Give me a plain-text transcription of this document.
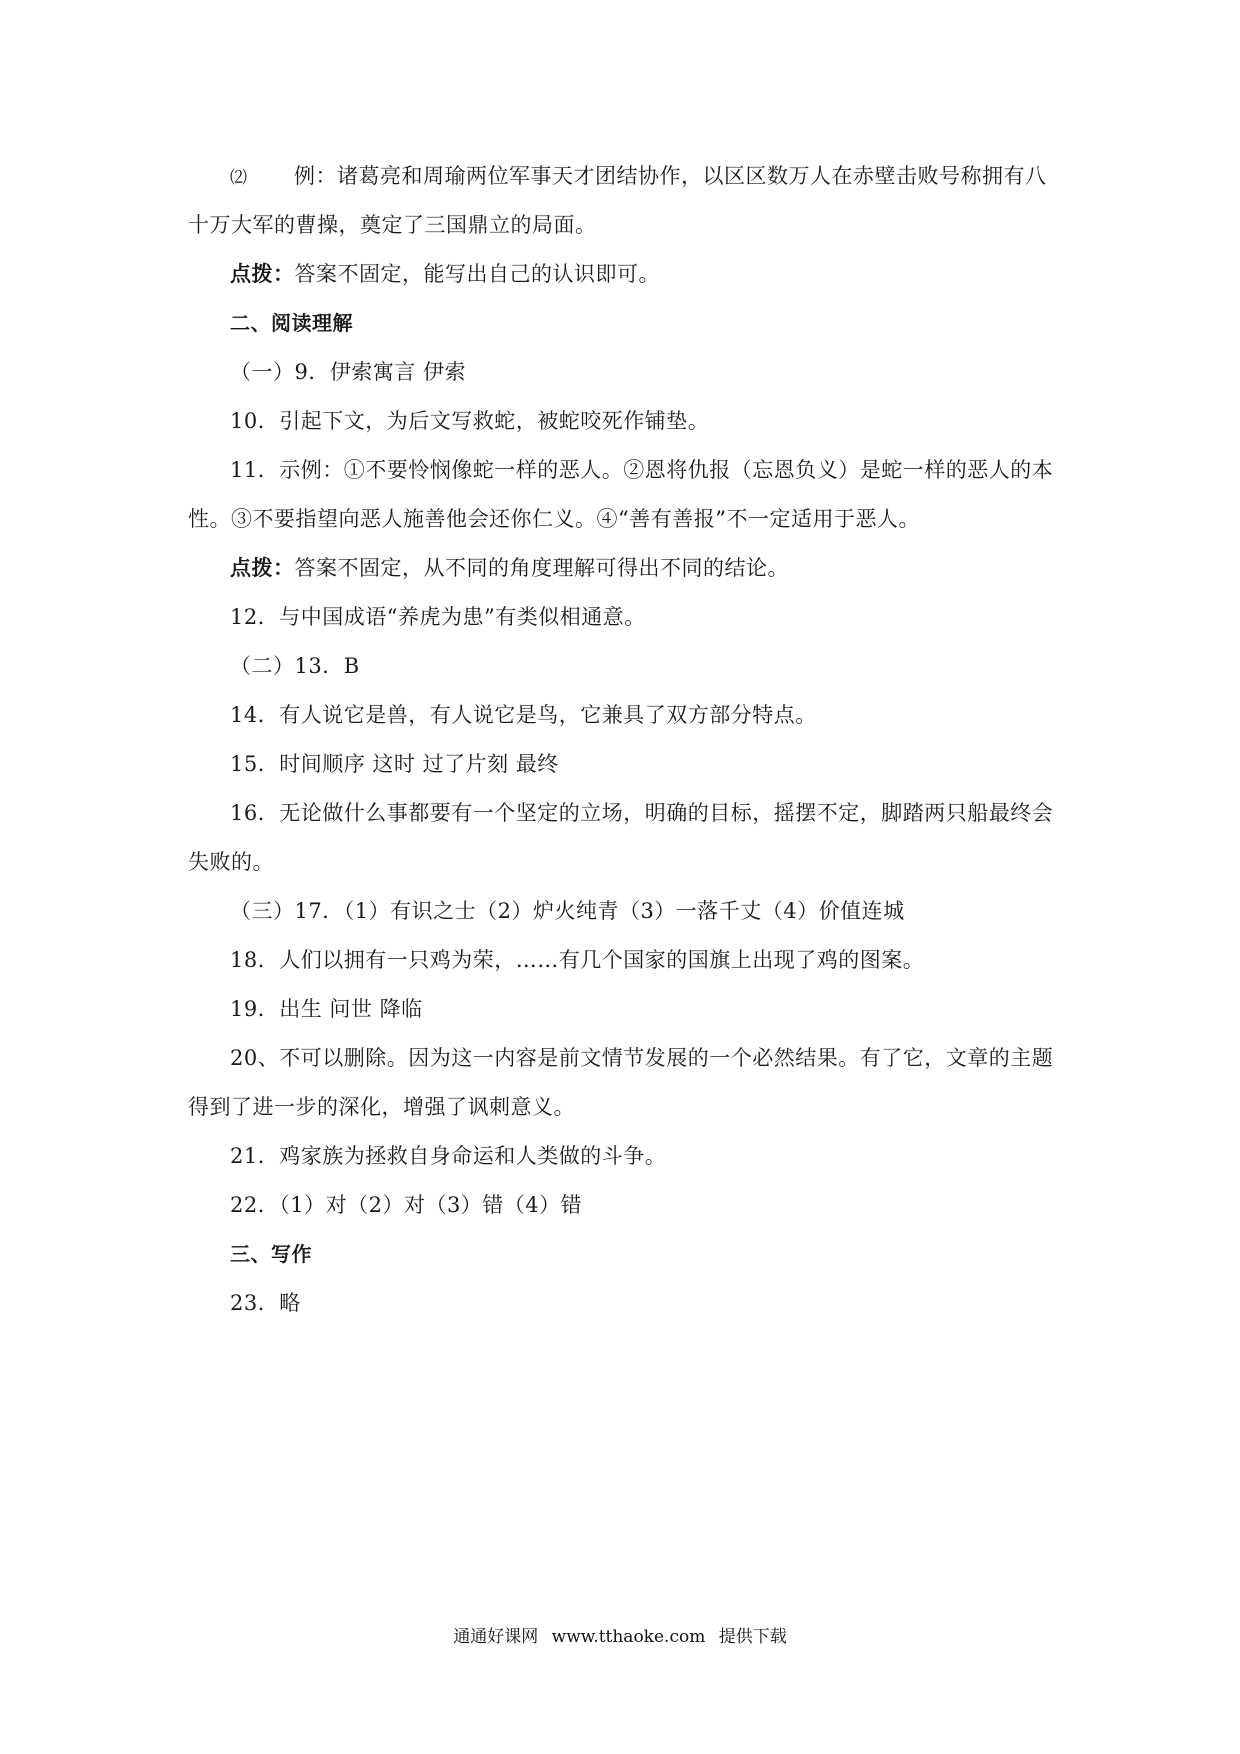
⑵ 例：诸葛亮和周瑜两位军事天才团结协作，以区区数万人在赤壁击败号称拥有八
十万大军的曹操，奠定了三国鼎立的局面。
点拨：答案不固定，能写出自己的认识即可。
二、阅读理解
（一）9．伊索寓言 伊索
10．引起下文，为后文写救蛇，被蛇咬死作铺垫。
11．示例：①不要怜悯像蛇一样的恶人。②恩将仇报（忘恩负义）是蛇一样的恶人的本
性。③不要指望向恶人施善他会还你仁义。④“善有善报”不一定适用于恶人。
点拨：答案不固定，从不同的角度理解可得出不同的结论。
12．与中国成语“养虎为患”有类似相通意。
（二）13．B
14．有人说它是兽，有人说它是鸟，它兼具了双方部分特点。
15．时间顺序 这时 过了片刻 最终
16．无论做什么事都要有一个坚定的立场，明确的目标，摇摆不定，脚踏两只船最终会
失败的。
（三）17．（1）有识之士（2）炉火纯青（3）一落千丈（4）价值连城
18．人们以拥有一只鸡为荣，……有几个国家的国旗上出现了鸡的图案。
19．出生 问世 降临
20、不可以删除。因为这一内容是前文情节发展的一个必然结果。有了它，文章的主题
得到了进一步的深化，增强了讽刺意义。
21．鸡家族为拯救自身命运和人类做的斗争。
22．（1）对（2）对（3）错（4）错
三、写作
23．略
通通好课网 www.tthaoke.com 提供下载
